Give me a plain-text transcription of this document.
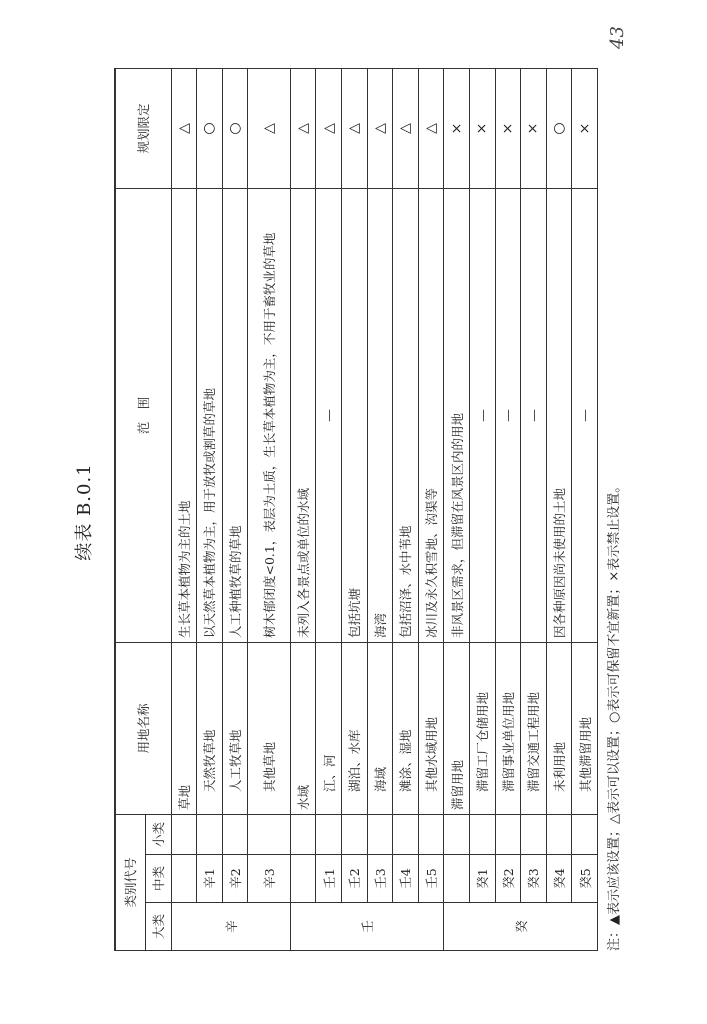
续表 B.0.1
类别代号			用地名称	范　围	规划限定
大类	中类	小类			
辛			草地	生长草本植物为主的土地	△
	辛1		天然牧草地	以天然草本植物为主，用于放牧或割草的草地	○
	辛2		人工牧草地	人工种植牧草的草地	○
	辛3		其他草地	树木郁闭度<0.1，表层为土质，生长草本植物为主，不用于畜牧业的草地	△
壬			水域	未列入各景点或单位的水域	△
	壬1		江、河	—	△
	壬2		湖泊、水库	包括坑塘	△
	壬3		海域	海湾	△
	壬4		滩涂、湿地	包括沼泽、水中苇地	△
	壬5		其他水域用地	冰川及永久积雪地、沟渠等	△
癸			滞留用地	非风景区需求，但滞留在风景区内的用地	×
	癸1		滞留工厂仓储用地	—	×
	癸2		滞留事业单位用地	—	×
	癸3		滞留交通工程用地	—	×
	癸4		未利用地	因各种原因尚未使用的土地	○
	癸5		其他滞留用地	—	×
注：▲表示应该设置；△表示可以设置；○表示可保留不宜新置；×表示禁止设置。
43
